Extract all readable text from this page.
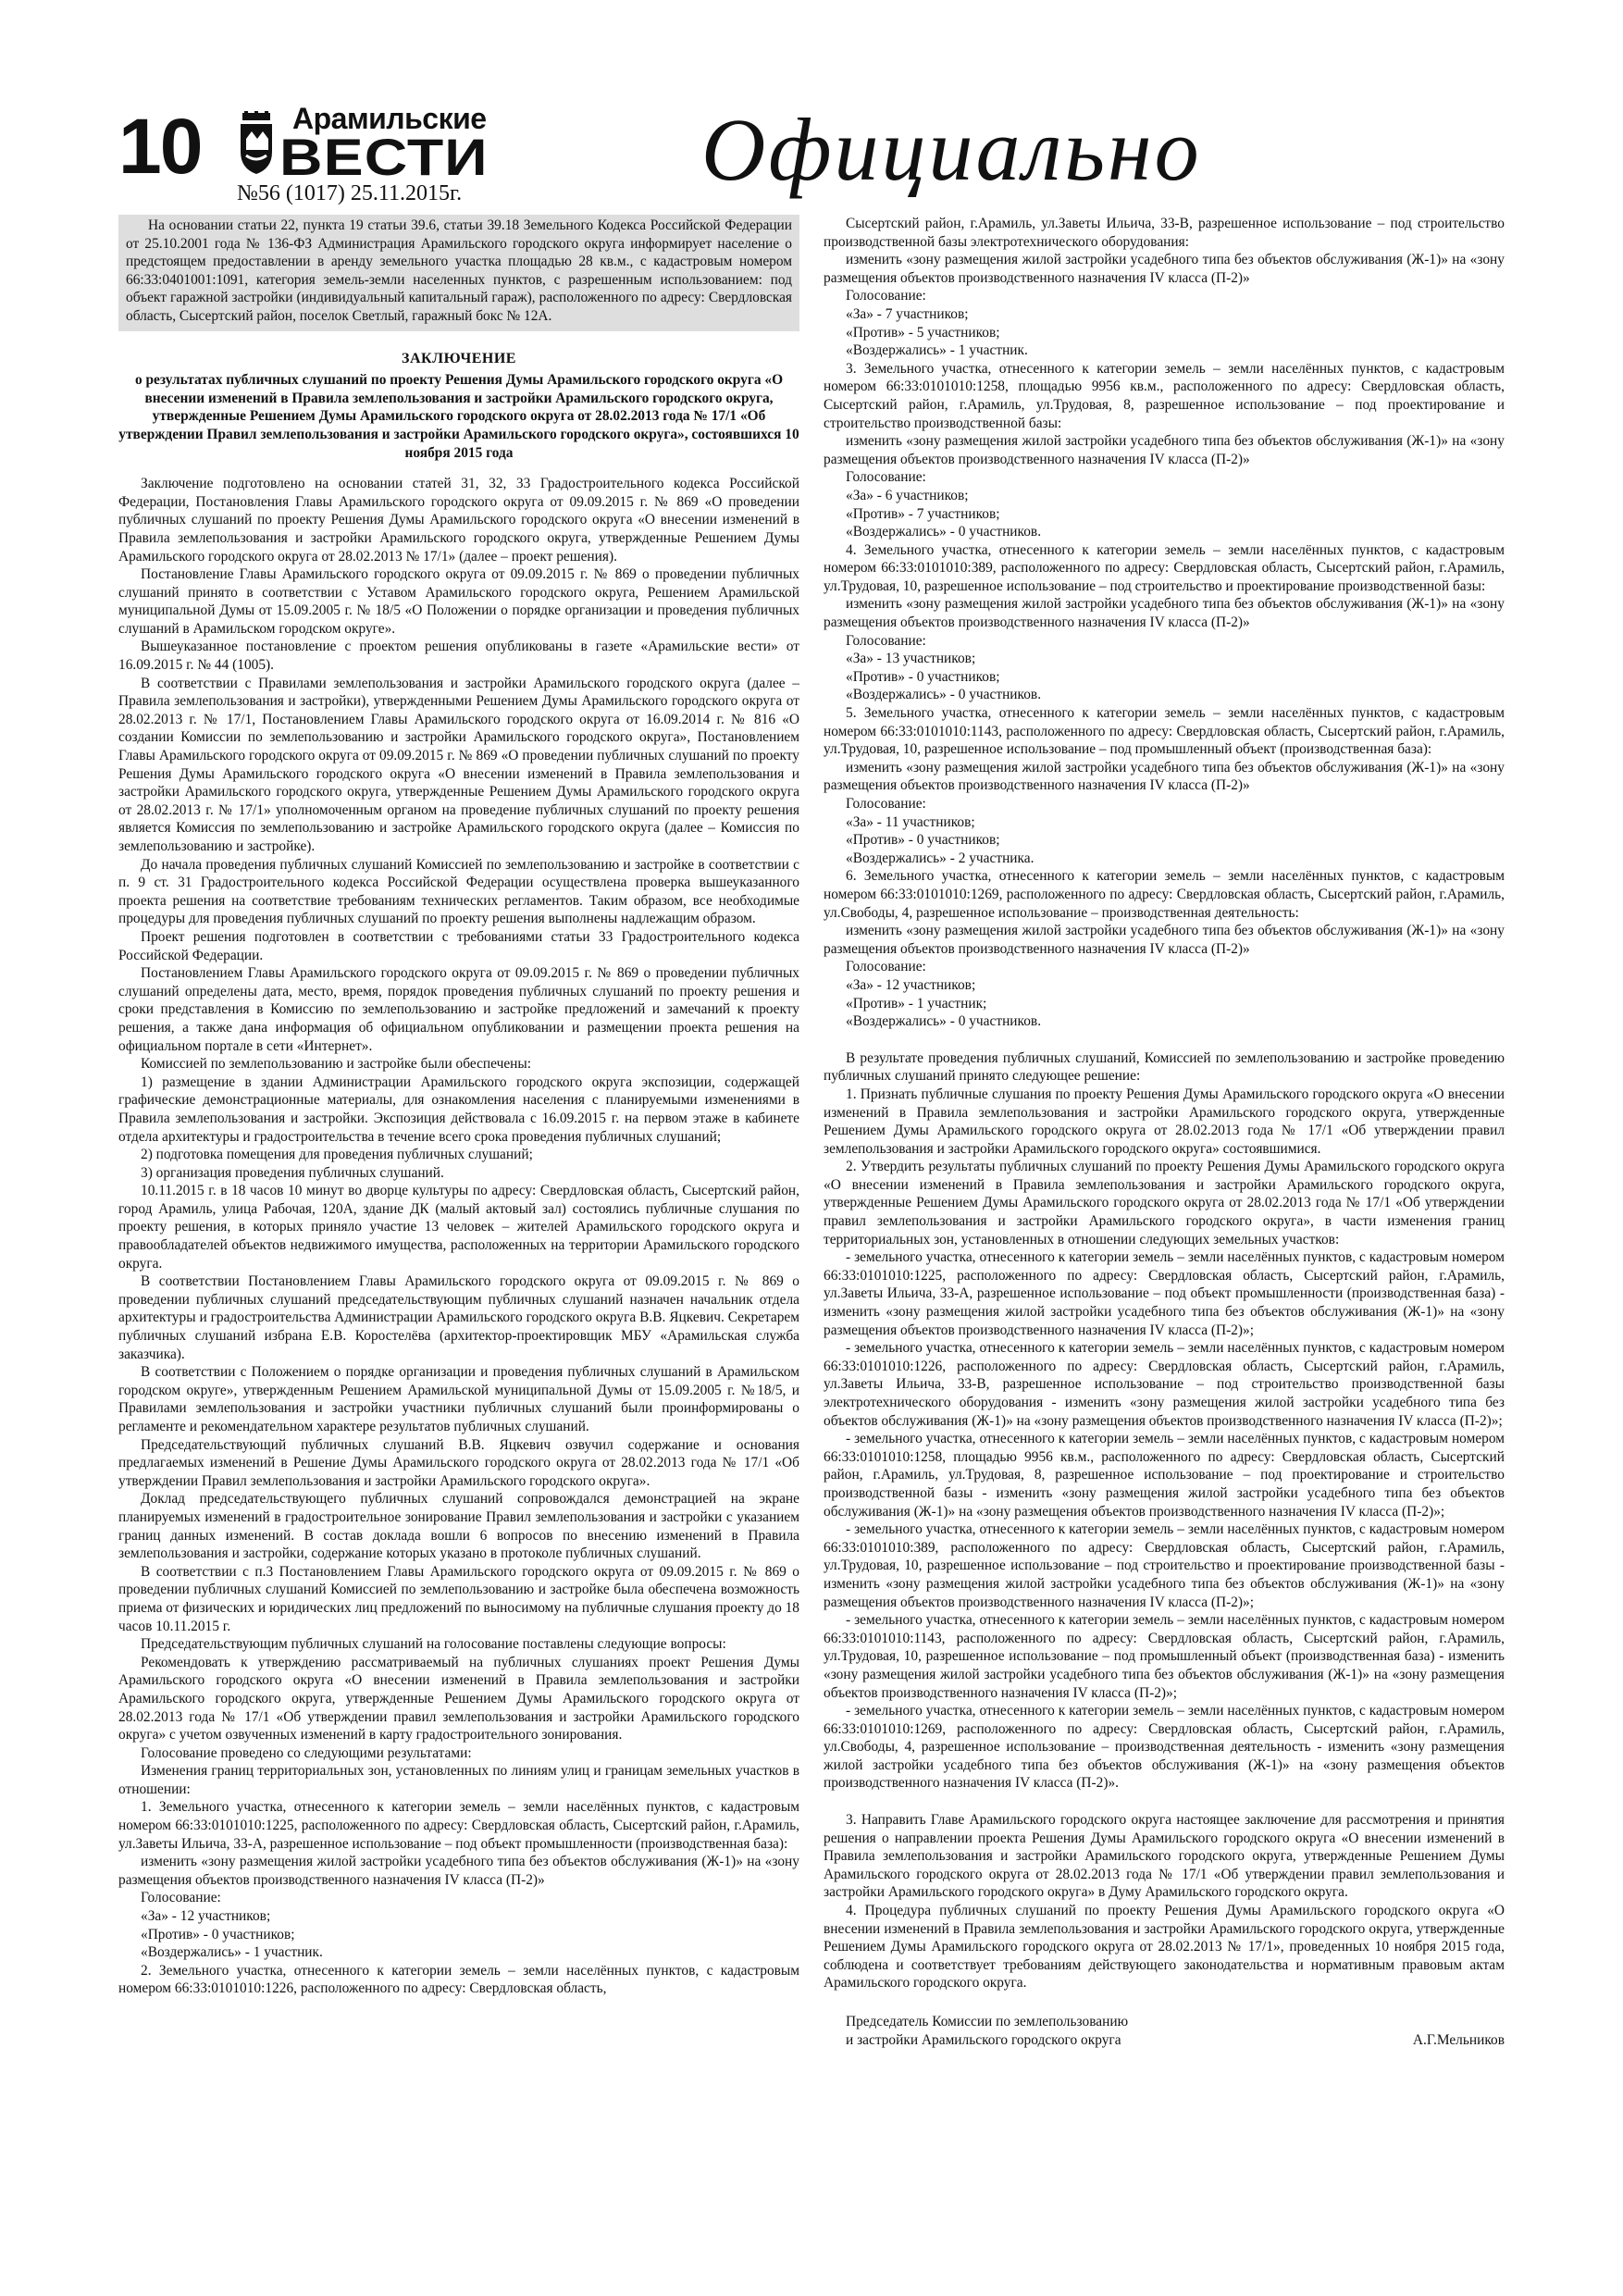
10	Арамильские
ВЕСТИ
№56 (1017) 25.11.2015г.	Официально

На основании статьи 22, пункта 19 статьи 39.6, статьи 39.18 Земельного Кодекса Российской Федерации от 25.10.2001 года № 136-ФЗ Администрация Арамильского городского округа информирует население о предстоящем предоставлении в аренду земельного участка площадью 28 кв.м., с кадастровым номером 66:33:0401001:1091, категория земель-земли населенных пунктов, с разрешенным использованием: под объект гаражной застройки (индивидуальный капитальный гараж), расположенного по адресу: Свердловская область, Сысертский район, поселок Светлый, гаражный бокс № 12А.

ЗАКЛЮЧЕНИЕ
о результатах публичных слушаний по проекту Решения Думы Арамильского городского округа «О внесении изменений в Правила землепользования и застройки Арамильского городского округа, утвержденные Решением Думы Арамильского городского округа от 28.02.2013 года № 17/1 «Об утверждении Правил землепользования и застройки Арамильского городского округа», состоявшихся 10 ноября 2015 года

Заключение подготовлено на основании статей 31, 32, 33 Градостроительного кодекса Российской Федерации, Постановления Главы Арамильского городского округа от 09.09.2015 г. № 869 «О проведении публичных слушаний по проекту Решения Думы Арамильского городского округа «О внесении изменений в Правила землепользования и застройки Арамильского городского округа, утвержденные Решением Думы Арамильского городского округа от 28.02.2013 № 17/1» (далее – проект решения).

Постановление Главы Арамильского городского округа от 09.09.2015 г. № 869 о проведении публичных слушаний принято в соответствии с Уставом Арамильского городского округа, Решением Арамильской муниципальной Думы от 15.09.2005 г. № 18/5 «О Положении о порядке организации и проведения публичных слушаний в Арамильском городском округе».

Вышеуказанное постановление с проектом решения опубликованы в газете «Арамильские вести» от 16.09.2015 г. № 44 (1005).

В соответствии с Правилами землепользования и застройки Арамильского городского округа (далее – Правила землепользования и застройки), утвержденными Решением Думы Арамильского городского округа от 28.02.2013 г. № 17/1, Постановлением Главы Арамильского городского округа от 16.09.2014 г. № 816 «О создании Комиссии по землепользованию и застройки Арамильского городского округа», Постановлением Главы Арамильского городского округа от 09.09.2015 г. № 869 «О проведении публичных слушаний по проекту Решения Думы Арамильского городского округа «О внесении изменений в Правила землепользования и застройки Арамильского городского округа, утвержденные Решением Думы Арамильского городского округа от 28.02.2013 г. № 17/1» уполномоченным органом на проведение публичных слушаний по проекту решения является Комиссия по землепользованию и застройке Арамильского городского округа (далее – Комиссия по землепользованию и застройке).

До начала проведения публичных слушаний Комиссией по землепользованию и застройке в соответствии с п. 9 ст. 31 Градостроительного кодекса Российской Федерации осуществлена проверка вышеуказанного проекта решения на соответствие требованиям технических регламентов. Таким образом, все необходимые процедуры для проведения публичных слушаний по проекту решения выполнены надлежащим образом.

Проект решения подготовлен в соответствии с требованиями статьи 33 Градостроительного кодекса Российской Федерации.

Постановлением Главы Арамильского городского округа от 09.09.2015 г. № 869 о проведении публичных слушаний определены дата, место, время, порядок проведения публичных слушаний по проекту решения и сроки представления в Комиссию по землепользованию и застройке предложений и замечаний к проекту решения, а также дана информация об официальном опубликовании и размещении проекта решения на официальном портале в сети «Интернет».

Комиссией по землепользованию и застройке были обеспечены:

1) размещение в здании Администрации Арамильского городского округа экспозиции, содержащей графические демонстрационные материалы, для ознакомления населения с планируемыми изменениями в Правила землепользования и застройки. Экспозиция действовала с 16.09.2015 г. на первом этаже в кабинете отдела архитектуры и градостроительства в течение всего срока проведения публичных слушаний;

2) подготовка помещения для проведения публичных слушаний;

3) организация проведения публичных слушаний.

10.11.2015 г. в 18 часов 10 минут во дворце культуры по адресу: Свердловская область, Сысертский район, город Арамиль, улица Рабочая, 120А, здание ДК (малый актовый зал) состоялись публичные слушания по проекту решения, в которых приняло участие 13 человек – жителей Арамильского городского округа и правообладателей объектов недвижимого имущества, расположенных на территории Арамильского городского округа.

В соответствии Постановлением Главы Арамильского городского округа от 09.09.2015 г. № 869 о проведении публичных слушаний председательствующим публичных слушаний назначен начальник отдела архитектуры и градостроительства Администрации Арамильского городского округа В.В. Яцкевич. Секретарем публичных слушаний избрана Е.В. Коростелёва (архитектор-проектировщик МБУ «Арамильская служба заказчика).

В соответствии с Положением о порядке организации и проведения публичных слушаний в Арамильском городском округе», утвержденным Решением Арамильской муниципальной Думы от 15.09.2005 г. №18/5, и Правилами землепользования и застройки участники публичных слушаний были проинформированы о регламенте и рекомендательном характере результатов публичных слушаний.

Председательствующий публичных слушаний В.В. Яцкевич озвучил содержание и основания предлагаемых изменений в Решение Думы Арамильского городского округа от 28.02.2013 года № 17/1 «Об утверждении Правил землепользования и застройки Арамильского городского округа».

Доклад председательствующего публичных слушаний сопровождался демонстрацией на экране планируемых изменений в градостроительное зонирование Правил землепользования и застройки с указанием границ данных изменений. В состав доклада вошли 6 вопросов по внесению изменений в Правила землепользования и застройки, содержание которых указано в протоколе публичных слушаний.

В соответствии с п.3 Постановлением Главы Арамильского городского округа от 09.09.2015 г. № 869 о проведении публичных слушаний Комиссией по землепользованию и застройке была обеспечена возможность приема от физических и юридических лиц предложений по выносимому на публичные слушания проекту до 18 часов 10.11.2015 г.

Председательствующим публичных слушаний на голосование поставлены следующие вопросы:

Рекомендовать к утверждению рассматриваемый на публичных слушаниях проект Решения Думы Арамильского городского округа «О внесении изменений в Правила землепользования и застройки Арамильского городского округа, утвержденные Решением Думы Арамильского городского округа от 28.02.2013 года № 17/1 «Об утверждении правил землепользования и застройки Арамильского городского округа» с учетом озвученных изменений в карту градостроительного зонирования.

Голосование проведено со следующими результатами:

Изменения границ территориальных зон, установленных по линиям улиц и границам земельных участков в отношении:

1. Земельного участка, отнесенного к категории земель – земли населённых пунктов, с кадастровым номером 66:33:0101010:1225, расположенного по адресу: Свердловская область, Сысертский район, г.Арамиль, ул.Заветы Ильича, 33-А, разрешенное использование – под объект промышленности (производственная база):

изменить «зону размещения жилой застройки усадебного типа без объектов обслуживания (Ж-1)» на «зону размещения объектов производственного назначения IV класса (П-2)»

Голосование:

«За» - 12 участников;

«Против» - 0 участников;

«Воздержались» - 1 участник.

2. Земельного участка, отнесенного к категории земель – земли населённых пунктов, с кадастровым номером 66:33:0101010:1226, расположенного по адресу: Свердловская область,

Сысертский район, г.Арамиль, ул.Заветы Ильича, 33-В, разрешенное использование – под строительство производственной базы электротехнического оборудования:

изменить «зону размещения жилой застройки усадебного типа без объектов обслуживания (Ж-1)» на «зону размещения объектов производственного назначения IV класса (П-2)»

Голосование:

«За» - 7 участников;

«Против» - 5 участников;

«Воздержались» - 1 участник.

3. Земельного участка, отнесенного к категории земель – земли населённых пунктов, с кадастровым номером 66:33:0101010:1258, площадью 9956 кв.м., расположенного по адресу: Свердловская область, Сысертский район, г.Арамиль, ул.Трудовая, 8, разрешенное использование – под проектирование и строительство производственной базы:

изменить «зону размещения жилой застройки усадебного типа без объектов обслуживания (Ж-1)» на «зону размещения объектов производственного назначения IV класса (П-2)»

Голосование:

«За» - 6 участников;

«Против» - 7 участников;

«Воздержались» - 0 участников.

4. Земельного участка, отнесенного к категории земель – земли населённых пунктов, с кадастровым номером 66:33:0101010:389, расположенного по адресу: Свердловская область, Сысертский район, г.Арамиль, ул.Трудовая, 10, разрешенное использование – под строительство и проектирование производственной базы:

изменить «зону размещения жилой застройки усадебного типа без объектов обслуживания (Ж-1)» на «зону размещения объектов производственного назначения IV класса (П-2)»

Голосование:

«За» - 13 участников;

«Против» - 0 участников;

«Воздержались» - 0 участников.

5. Земельного участка, отнесенного к категории земель – земли населённых пунктов, с кадастровым номером 66:33:0101010:1143, расположенного по адресу: Свердловская область, Сысертский район, г.Арамиль, ул.Трудовая, 10, разрешенное использование – под промышленный объект (производственная база):

изменить «зону размещения жилой застройки усадебного типа без объектов обслуживания (Ж-1)» на «зону размещения объектов производственного назначения IV класса (П-2)»

Голосование:

«За» - 11 участников;

«Против» - 0 участников;

«Воздержались» - 2 участника.

6. Земельного участка, отнесенного к категории земель – земли населённых пунктов, с кадастровым номером 66:33:0101010:1269, расположенного по адресу: Свердловская область, Сысертский район, г.Арамиль, ул.Свободы, 4, разрешенное использование – производственная деятельность:

изменить «зону размещения жилой застройки усадебного типа без объектов обслуживания (Ж-1)» на «зону размещения объектов производственного назначения IV класса (П-2)»

Голосование:

«За» - 12 участников;

«Против» - 1 участник;

«Воздержались» - 0 участников.

В результате проведения публичных слушаний, Комиссией по землепользованию и застройке проведению публичных слушаний принято следующее решение:

1. Признать публичные слушания по проекту Решения Думы Арамильского городского округа «О внесении изменений в Правила землепользования и застройки Арамильского городского округа, утвержденные Решением Думы Арамильского городского округа от 28.02.2013 года № 17/1 «Об утверждении правил землепользования и застройки Арамильского городского округа» состоявшимися.

2. Утвердить результаты публичных слушаний по проекту Решения Думы Арамильского городского округа «О внесении изменений в Правила землепользования и застройки Арамильского городского округа, утвержденные Решением Думы Арамильского городского округа от 28.02.2013 года № 17/1 «Об утверждении правил землепользования и застройки Арамильского городского округа», в части изменения границ территориальных зон, установленных в отношении следующих земельных участков:

- земельного участка, отнесенного к категории земель – земли населённых пунктов, с кадастровым номером 66:33:0101010:1225, расположенного по адресу: Свердловская область, Сысертский район, г.Арамиль, ул.Заветы Ильича, 33-А, разрешенное использование – под объект промышленности (производственная база) - изменить «зону размещения жилой застройки усадебного типа без объектов обслуживания (Ж-1)» на «зону размещения объектов производственного назначения IV класса (П-2)»;

- земельного участка, отнесенного к категории земель – земли населённых пунктов, с кадастровым номером 66:33:0101010:1226, расположенного по адресу: Свердловская область, Сысертский район, г.Арамиль, ул.Заветы Ильича, 33-В, разрешенное использование – под строительство производственной базы электротехнического оборудования - изменить «зону размещения жилой застройки усадебного типа без объектов обслуживания (Ж-1)» на «зону размещения объектов производственного назначения IV класса (П-2)»;

- земельного участка, отнесенного к категории земель – земли населённых пунктов, с кадастровым номером 66:33:0101010:1258, площадью 9956 кв.м., расположенного по адресу: Свердловская область, Сысертский район, г.Арамиль, ул.Трудовая, 8, разрешенное использование – под проектирование и строительство производственной базы - изменить «зону размещения жилой застройки усадебного типа без объектов обслуживания (Ж-1)» на «зону размещения объектов производственного назначения IV класса (П-2)»;

- земельного участка, отнесенного к категории земель – земли населённых пунктов, с кадастровым номером 66:33:0101010:389, расположенного по адресу: Свердловская область, Сысертский район, г.Арамиль, ул.Трудовая, 10, разрешенное использование – под строительство и проектирование производственной базы - изменить «зону размещения жилой застройки усадебного типа без объектов обслуживания (Ж-1)» на «зону размещения объектов производственного назначения IV класса (П-2)»;

- земельного участка, отнесенного к категории земель – земли населённых пунктов, с кадастровым номером 66:33:0101010:1143, расположенного по адресу: Свердловская область, Сысертский район, г.Арамиль, ул.Трудовая, 10, разрешенное использование – под промышленный объект (производственная база) - изменить «зону размещения жилой застройки усадебного типа без объектов обслуживания (Ж-1)» на «зону размещения объектов производственного назначения IV класса (П-2)»;

- земельного участка, отнесенного к категории земель – земли населённых пунктов, с кадастровым номером 66:33:0101010:1269, расположенного по адресу: Свердловская область, Сысертский район, г.Арамиль, ул.Свободы, 4, разрешенное использование – производственная деятельность - изменить «зону размещения жилой застройки усадебного типа без объектов обслуживания (Ж-1)» на «зону размещения объектов производственного назначения IV класса (П-2)».

3. Направить Главе Арамильского городского округа настоящее заключение для рассмотрения и принятия решения о направлении проекта Решения Думы Арамильского городского округа «О внесении изменений в Правила землепользования и застройки Арамильского городского округа, утвержденные Решением Думы Арамильского городского округа от 28.02.2013 года № 17/1 «Об утверждении правил землепользования и застройки Арамильского городского округа» в Думу Арамильского городского округа.

4. Процедура публичных слушаний по проекту Решения Думы Арамильского городского округа «О внесении изменений в Правила землепользования и застройки Арамильского городского округа, утвержденные Решением Думы Арамильского городского округа от 28.02.2013 № 17/1», проведенных 10 ноября 2015 года, соблюдена и соответствует требованиям действующего законодательства и нормативным правовым актам Арамильского городского округа.

Председатель Комиссии по землепользованию
и застройки Арамильского городского округа	А.Г.Мельников
